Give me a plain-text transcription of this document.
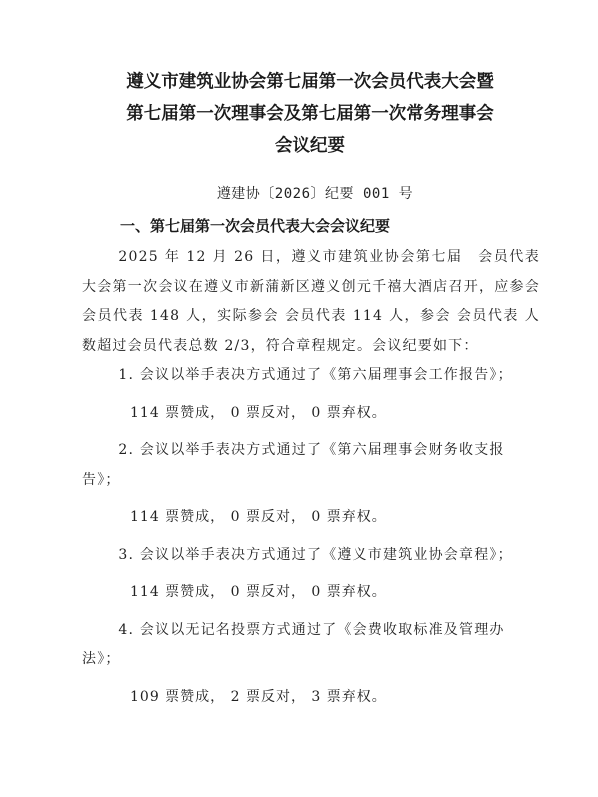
遵义市建筑业协会第七届第一次会员代表大会暨
第七届第一次理事会及第七届第一次常务理事会
会议纪要
遵建协〔2026〕纪要 001 号
一、第七届第一次会员代表大会会议纪要
2025 年 12 月 26 日，遵义市建筑业协会第七届　会员代表 大会第一次会议在遵义市新蒲新区遵义创元千禧大酒店召开，应参会 会员代表 148 人，实际参会 会员代表 114 人，参会 会员代表 人数超过会员代表总数 2/3，符合章程规定。会议纪要如下：
1. 会议以举手表决方式通过了《第六届理事会工作报告》；
114 票赞成， 0 票反对， 0 票弃权。
2. 会议以举手表决方式通过了《第六届理事会财务收支报告》；
114 票赞成， 0 票反对， 0 票弃权。
3. 会议以举手表决方式通过了《遵义市建筑业协会章程》；
114 票赞成， 0 票反对， 0 票弃权。
4. 会议以无记名投票方式通过了《会费收取标准及管理办法》；
109 票赞成， 2 票反对， 3 票弃权。
